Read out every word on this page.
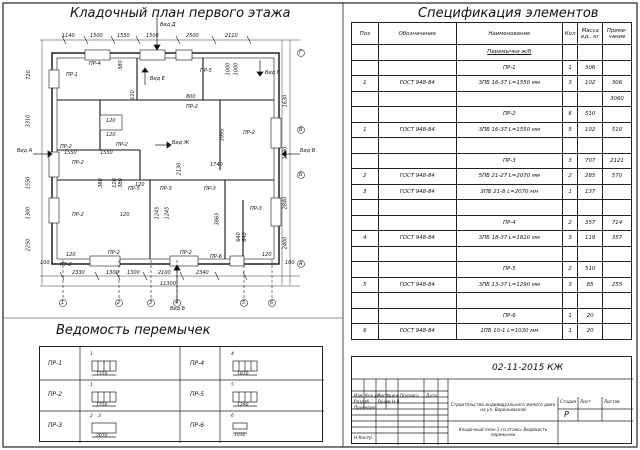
Кладочный план первого этажа
1140	1500	1550	1500	2500	2110
2330	1300 1300	2100	2340
11300
1	2	3	4	5	6
Г
В
Б
А
720
3310
1550
1300
2250
1630
1630
2840
2400
Вид А	Вид В
Вид Д
Вид Е
Вид Ж
Вид Г
Вид Б
ПР-1
ПР-4
ПР-5
ПР-2
ПР-2
ПР-2
ПР-2
ПР-2
ПР-5	ПР-3	ПР-3
ПР-3
ПР-2
ПР-2	ПР-2
ПР-6
ПР-2
380
120
1000 1000
800
120
120
1550	1550
1740
380 120
2130
3995
380
120	1245	3865
1245
120
640 640
120
100
120
100
Ведомость перемычек
ПР-1
1550
ПР-2
1550
ПР-3
2070
ПР-4
1810
ПР-5
1290
ПР-6
1030
1
1
2 3
4
5
6
Спецификация элементов
Поз	Обозначение	Наименование	Кол	Масса ед., кг	Приме-чание
		Перемычки ж/б			
		ПР-1	1	306	
1	ГОСТ 948-84	3ПБ 16-37 L=1550 мм	3	102	306
					3060
		ПР-2	6	510	
1	ГОСТ 948-84	3ПБ 16-37 L=1550 мм	5	102	510

		ПР-3	3	707	2121
2	ГОСТ 948-84	5ПБ 21-27 L=2070 мм	2	285	570
3	ГОСТ 948-84	3ПБ 21-8 L=2070 мм	1	137	

		ПР-4	2	357	714
4	ГОСТ 948-84	3ПБ 18-37 L=1810 мм	3	119	357

		ПР-5	2	510	
5	ГОСТ 948-84	3ПБ 13-37 L=1290 мм	3	85	255

		ПР-6	1	20	
6	ГОСТ 948-84	1ПБ 10-1 L=1030 мм	1	20	
02-11-2015 КЖ
Изм. Кол.уч
Лист №док Подпись Дата
Разраб. Вщим Н.В.
Проверил
Н.Контр.
Строительство индивидуального жилого дома на ул. Вороньевской
Кладочный план 1-го этажа. Ведомость перемычек
Стадия Лист	Листов
Р
